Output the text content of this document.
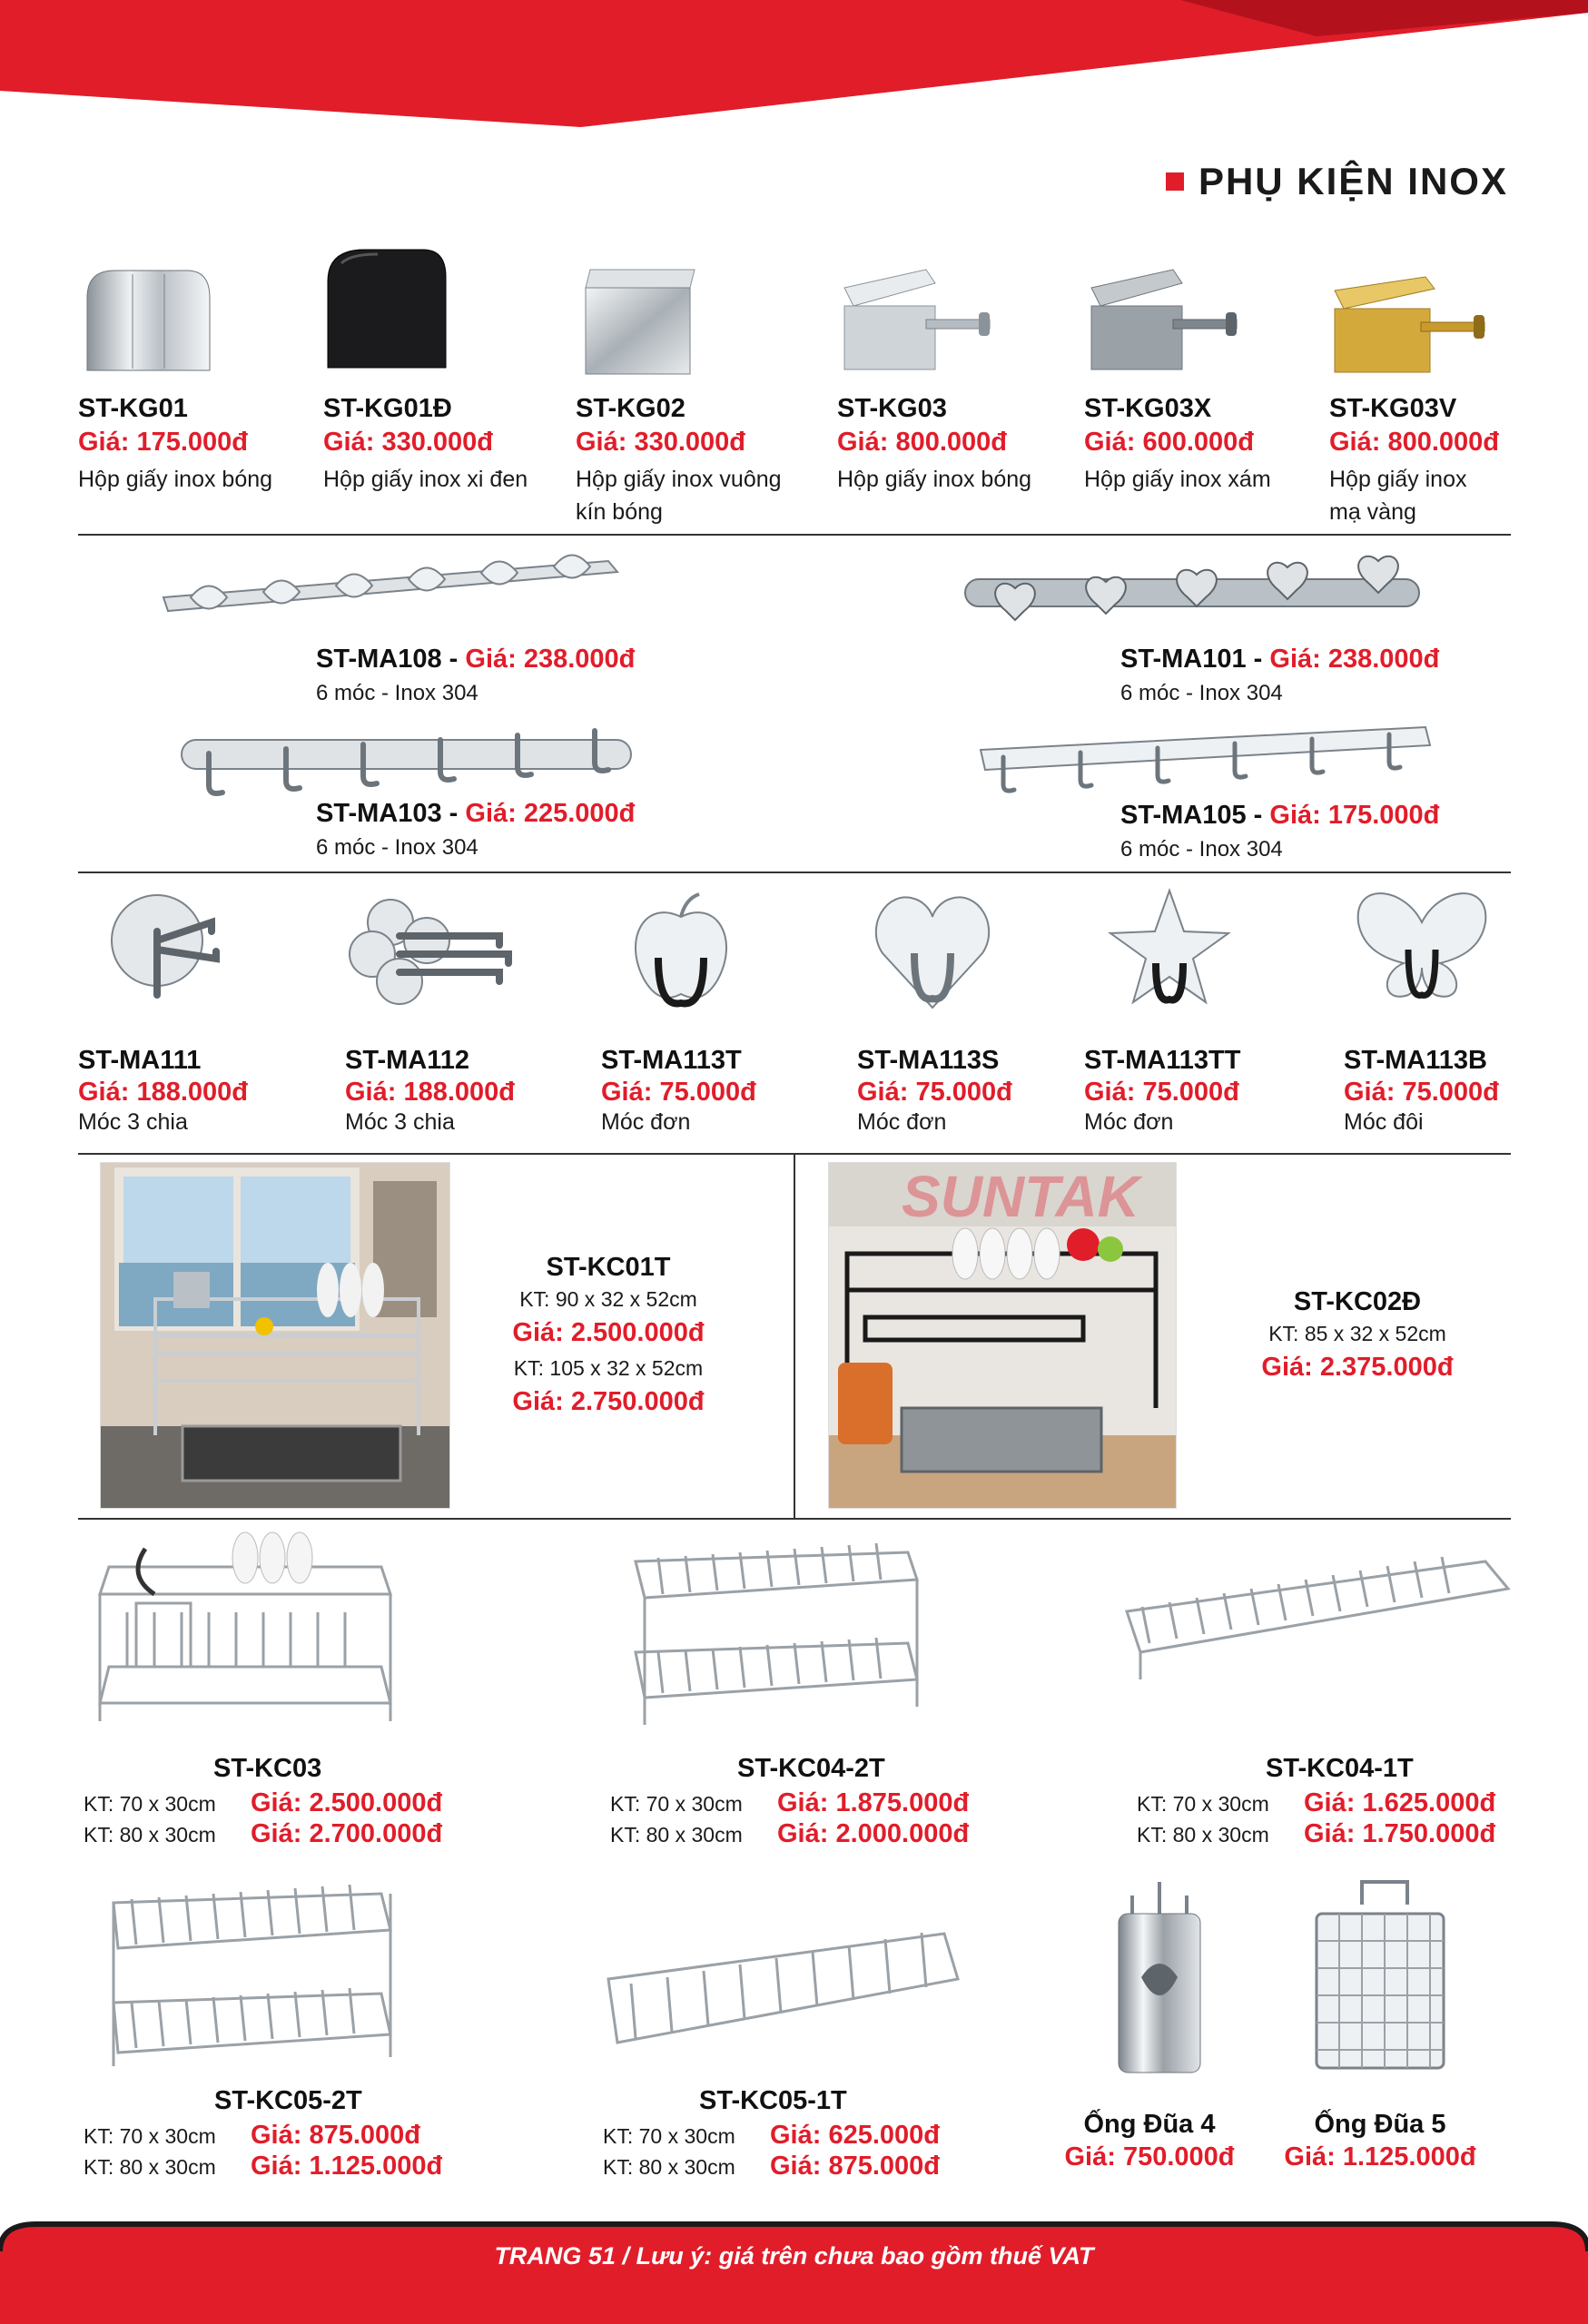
PHỤ KIỆN INOX
ST-KG01
Giá: 175.000đ
Hộp giấy inox bóng
ST-KG01Đ
Giá: 330.000đ
Hộp giấy inox xi đen
ST-KG02
Giá: 330.000đ
Hộp giấy inox vuông kín bóng
ST-KG03
Giá: 800.000đ
Hộp giấy inox bóng
ST-KG03X
Giá: 600.000đ
Hộp giấy inox xám
ST-KG03V
Giá: 800.000đ
Hộp giấy inox mạ vàng
ST-MA108 - Giá: 238.000đ
6 móc - Inox 304
ST-MA101 - Giá: 238.000đ
6 móc - Inox 304
ST-MA103 - Giá: 225.000đ
6 móc - Inox 304
ST-MA105 - Giá: 175.000đ
6 móc - Inox 304
ST-MA111
Giá: 188.000đ
Móc 3 chia
ST-MA112
Giá: 188.000đ
Móc 3 chia
ST-MA113T
Giá: 75.000đ
Móc đơn
ST-MA113S
Giá: 75.000đ
Móc đơn
ST-MA113TT
Giá: 75.000đ
Móc đơn
ST-MA113B
Giá: 75.000đ
Móc đôi
ST-KC01T
KT: 90 x 32 x 52cm
Giá: 2.500.000đ
KT: 105 x 32 x 52cm
Giá: 2.750.000đ
SUNTAK
ST-KC02Đ
KT: 85 x 32 x 52cm
Giá: 2.375.000đ
ST-KC03
KT: 70 x 30cm Giá: 2.500.000đ
KT: 80 x 30cm Giá: 2.700.000đ
ST-KC04-2T
KT: 70 x 30cm Giá: 1.875.000đ
KT: 80 x 30cm Giá: 2.000.000đ
ST-KC04-1T
KT: 70 x 30cm Giá: 1.625.000đ
KT: 80 x 30cm Giá: 1.750.000đ
ST-KC05-2T
KT: 70 x 30cm Giá: 875.000đ
KT: 80 x 30cm Giá: 1.125.000đ
ST-KC05-1T
KT: 70 x 30cm Giá: 625.000đ
KT: 80 x 30cm Giá: 875.000đ
Ống Đũa 4
Giá: 750.000đ
Ống Đũa 5
Giá: 1.125.000đ
TRANG 51 / Lưu ý: giá trên chưa bao gồm thuế VAT
